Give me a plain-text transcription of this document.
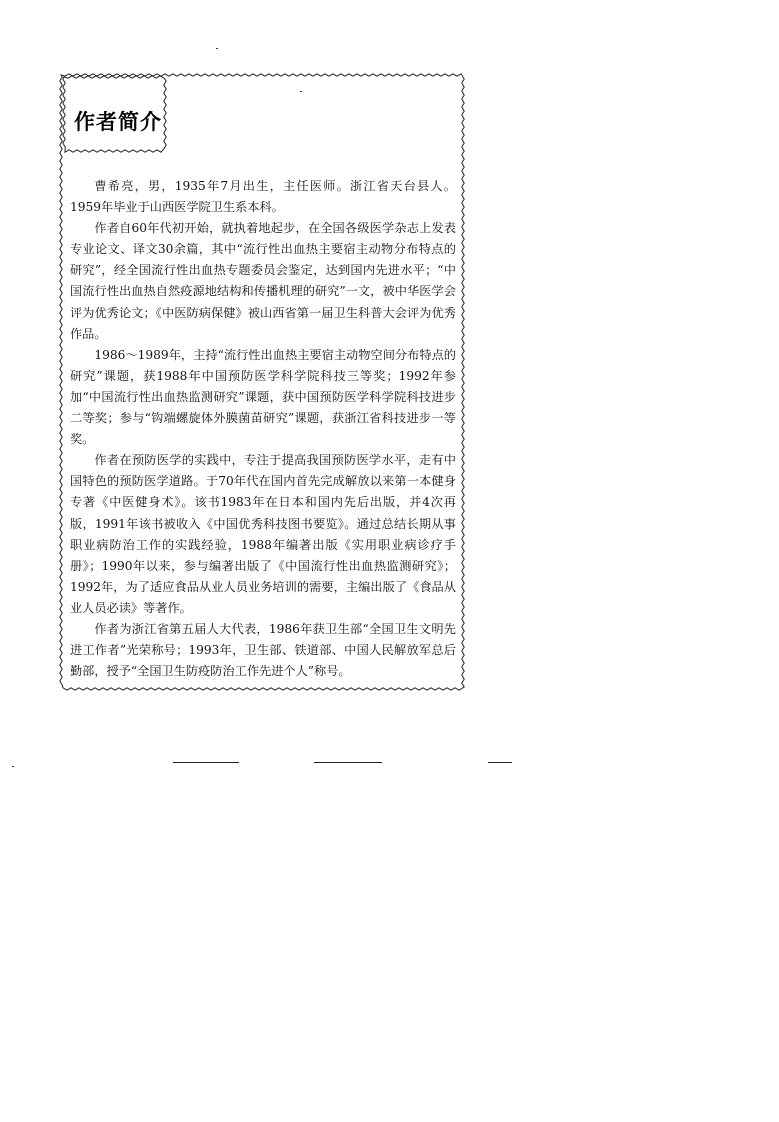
作者简介

曹希亮，男，1935年7月出生，主任医师。浙江省天台县人。1959年毕业于山西医学院卫生系本科。

作者自60年代初开始，就执着地起步，在全国各级医学杂志上发表专业论文、译文30余篇，其中“流行性出血热主要宿主动物分布特点的研究”，经全国流行性出血热专题委员会鉴定，达到国内先进水平；“中国流行性出血热自然疫源地结构和传播机理的研究”一文，被中华医学会评为优秀论文；《中医防病保健》被山西省第一届卫生科普大会评为优秀作品。

1986～1989年，主持“流行性出血热主要宿主动物空间分布特点的研究”课题，获1988年中国预防医学科学院科技三等奖；1992年参加“中国流行性出血热监测研究”课题，获中国预防医学科学院科技进步二等奖；参与“钩端螺旋体外膜菌苗研究”课题，获浙江省科技进步一等奖。

作者在预防医学的实践中，专注于提高我国预防医学水平，走有中国特色的预防医学道路。于70年代在国内首先完成解放以来第一本健身专著《中医健身术》。该书1983年在日本和国内先后出版，并4次再版，1991年该书被收入《中国优秀科技图书要览》。通过总结长期从事职业病防治工作的实践经验，1988年编著出版《实用职业病诊疗手册》；1990年以来，参与编著出版了《中国流行性出血热监测研究》；1992年，为了适应食品从业人员业务培训的需要，主编出版了《食品从业人员必读》等著作。

作者为浙江省第五届人大代表，1986年获卫生部“全国卫生文明先进工作者”光荣称号；1993年，卫生部、铁道部、中国人民解放军总后勤部，授予“全国卫生防疫防治工作先进个人”称号。
